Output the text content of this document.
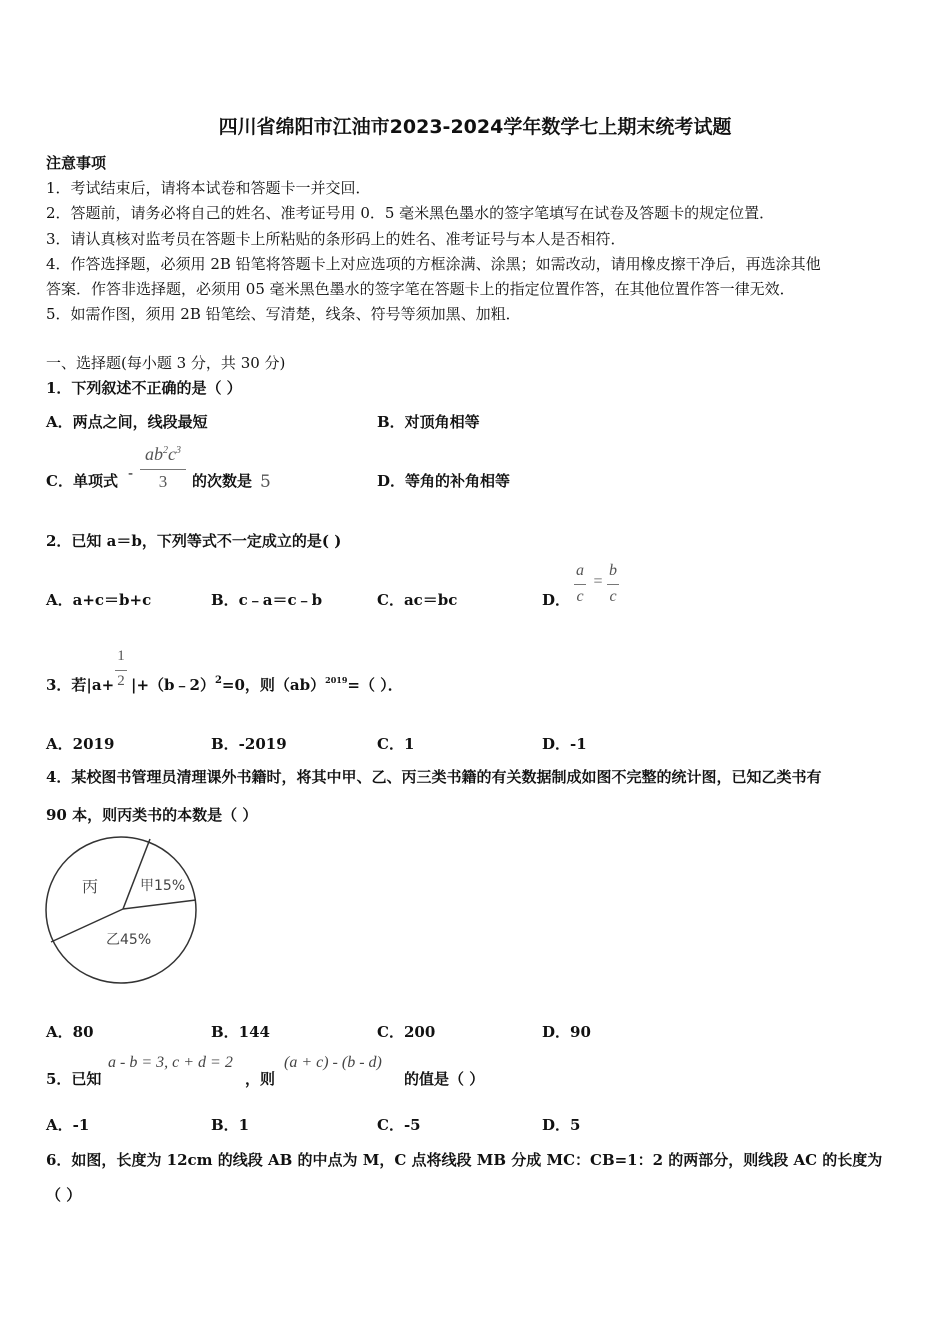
四川省绵阳市江油市2023-2024学年数学七上期末统考试题
注意事项
1．考试结束后，请将本试卷和答题卡一并交回．
2．答题前，请务必将自己的姓名、准考证号用 0．5 毫米黑色墨水的签字笔填写在试卷及答题卡的规定位置．
3．请认真核对监考员在答题卡上所粘贴的条形码上的姓名、准考证号与本人是否相符．
4．作答选择题，必须用 2B 铅笔将答题卡上对应选项的方框涂满、涂黑；如需改动，请用橡皮擦干净后，再选涂其他
答案．作答非选择题，必须用 05 毫米黑色墨水的签字笔在答题卡上的指定位置作答，在其他位置作答一律无效．
5．如需作图，须用 2B 铅笔绘、写清楚，线条、符号等须加黑、加粗．
一、选择题(每小题 3 分，共 30 分)
1．下列叙述不正确的是（ ）
A．两点之间，线段最短	B．对顶角相等
C．单项式 -
$ab^2c^3$
3	的次数是 5	D．等角的补角相等
2．已知 a＝b，下列等式不一定成立的是( )
A．a+c＝b+c	B．c﹣a＝c﹣b	C．ac＝bc	D．
a
c
=
b
c
3．若|a+
1
2 |+（b﹣2）$^2$=0，则（ab）$^{2019}$=（ ）．
A．2019	B．-2019	C．1	D．-1
4．某校图书管理员清理课外书籍时，将其中甲、乙、丙三类书籍的有关数据制成如图不完整的统计图，已知乙类书有
90 本，则丙类书的本数是（ ）
丙	甲15%
乙45%
A．80	B．144	C．200	D．90
5．已知
a - b = 3, c + d = 2
，则
(a + c) - (b - d)
的值是（ ）
A．-1	B．1	C．-5	D．5
6．如图，长度为 12cm 的线段 AB 的中点为 M，C 点将线段 MB 分成 MC：CB=1：2 的两部分，则线段 AC 的长度为
（ ）
